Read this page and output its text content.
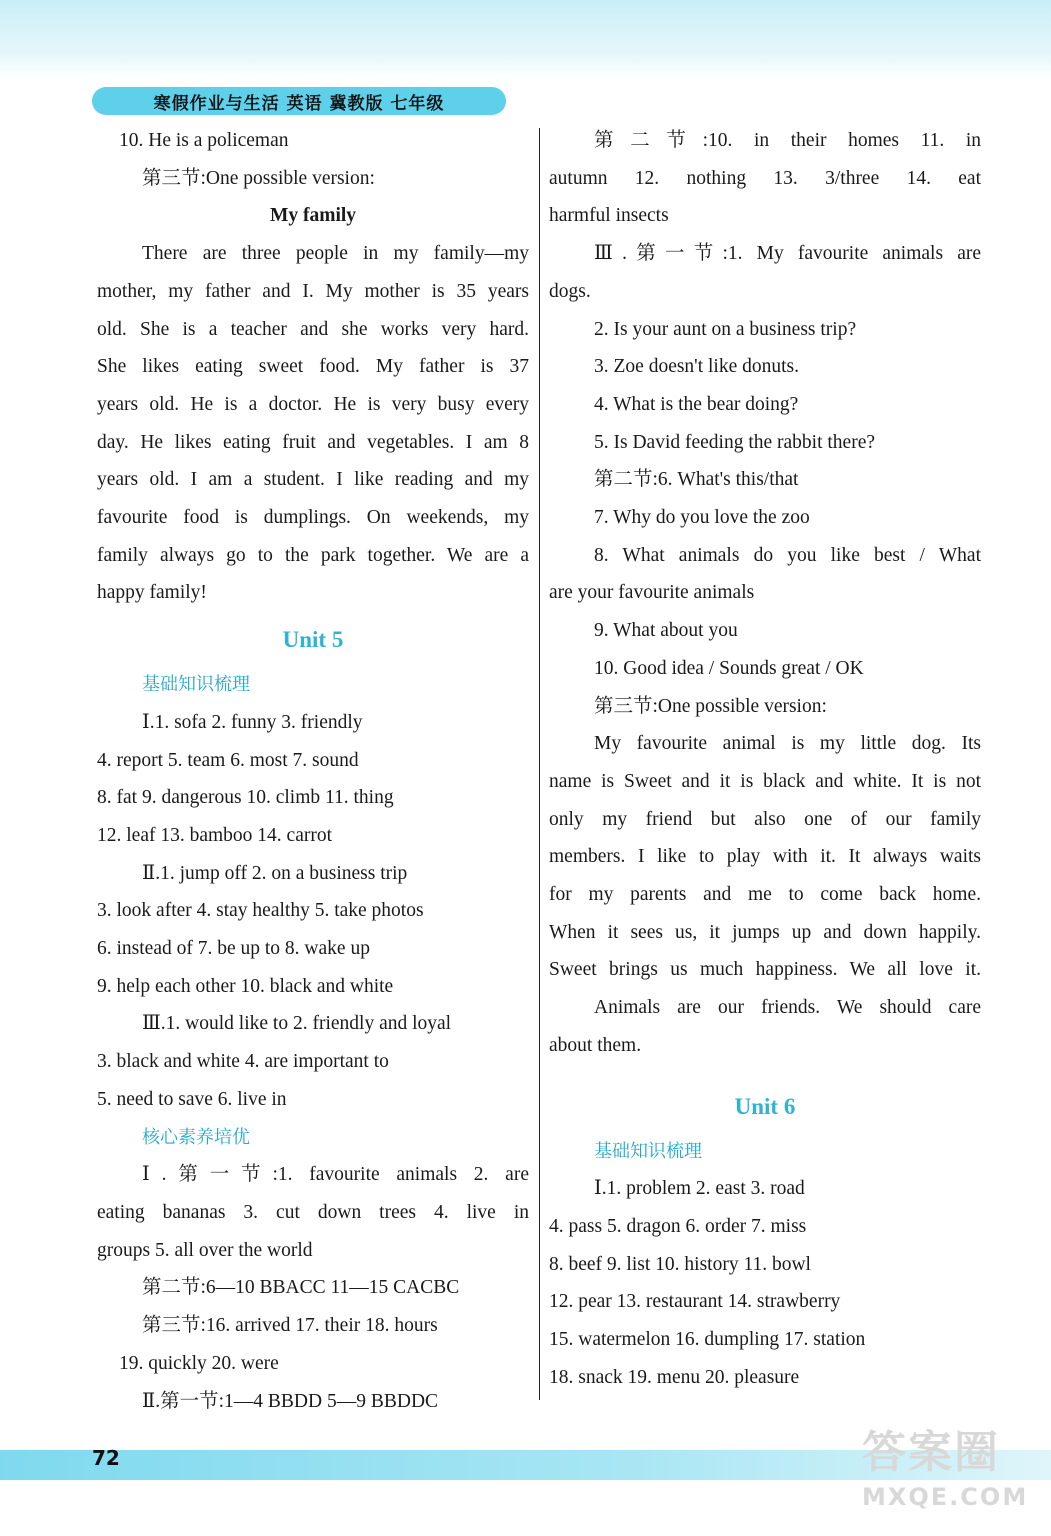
寒假作业与生活 英语 冀教版 七年级

10. He is a policeman

第三节:One possible version:

My family

There are three people in my family—my

mother, my father and I. My mother is 35 years

old. She is a teacher and she works very hard.

She likes eating sweet food. My father is 37

years old. He is a doctor. He is very busy every

day. He likes eating fruit and vegetables. I am 8

years old. I am a student. I like reading and my

favourite food is dumplings. On weekends, my

family always go to the park together. We are a

happy family!

Unit 5

基础知识梳理

Ⅰ.1. sofa 2. funny 3. friendly

4. report 5. team 6. most 7. sound

8. fat 9. dangerous 10. climb 11. thing

12. leaf 13. bamboo 14. carrot

Ⅱ.1. jump off 2. on a business trip

3. look after 4. stay healthy 5. take photos

6. instead of 7. be up to 8. wake up

9. help each other 10. black and white

Ⅲ.1. would like to 2. friendly and loyal

3. black and white 4. are important to

5. need to save 6. live in

核心素养培优

Ⅰ.第一节:1. favourite animals 2. are

eating bananas 3. cut down trees 4. live in

groups 5. all over the world

第二节:6—10 BBACC 11—15 CACBC

第三节:16. arrived 17. their 18. hours

19. quickly 20. were

Ⅱ.第一节:1—4 BBDD 5—9 BBDDC

第二节:10. in their homes 11. in

autumn 12. nothing 13. 3/three 14. eat

harmful insects

Ⅲ.第一节:1. My favourite animals are

dogs.

2. Is your aunt on a business trip?

3. Zoe doesn't like donuts.

4. What is the bear doing?

5. Is David feeding the rabbit there?

第二节:6. What's this/that

7. Why do you love the zoo

8. What animals do you like best / What

are your favourite animals

9. What about you

10. Good idea / Sounds great / OK

第三节:One possible version:

My favourite animal is my little dog. Its

name is Sweet and it is black and white. It is not

only my friend but also one of our family

members. I like to play with it. It always waits

for my parents and me to come back home.

When it sees us, it jumps up and down happily.

Sweet brings us much happiness. We all love it.

Animals are our friends. We should care

about them.

Unit 6

基础知识梳理

Ⅰ.1. problem 2. east 3. road

4. pass 5. dragon 6. order 7. miss

8. beef 9. list 10. history 11. bowl

12. pear 13. restaurant 14. strawberry

15. watermelon 16. dumpling 17. station

18. snack 19. menu 20. pleasure

72	答案圈
MXQE.COM
